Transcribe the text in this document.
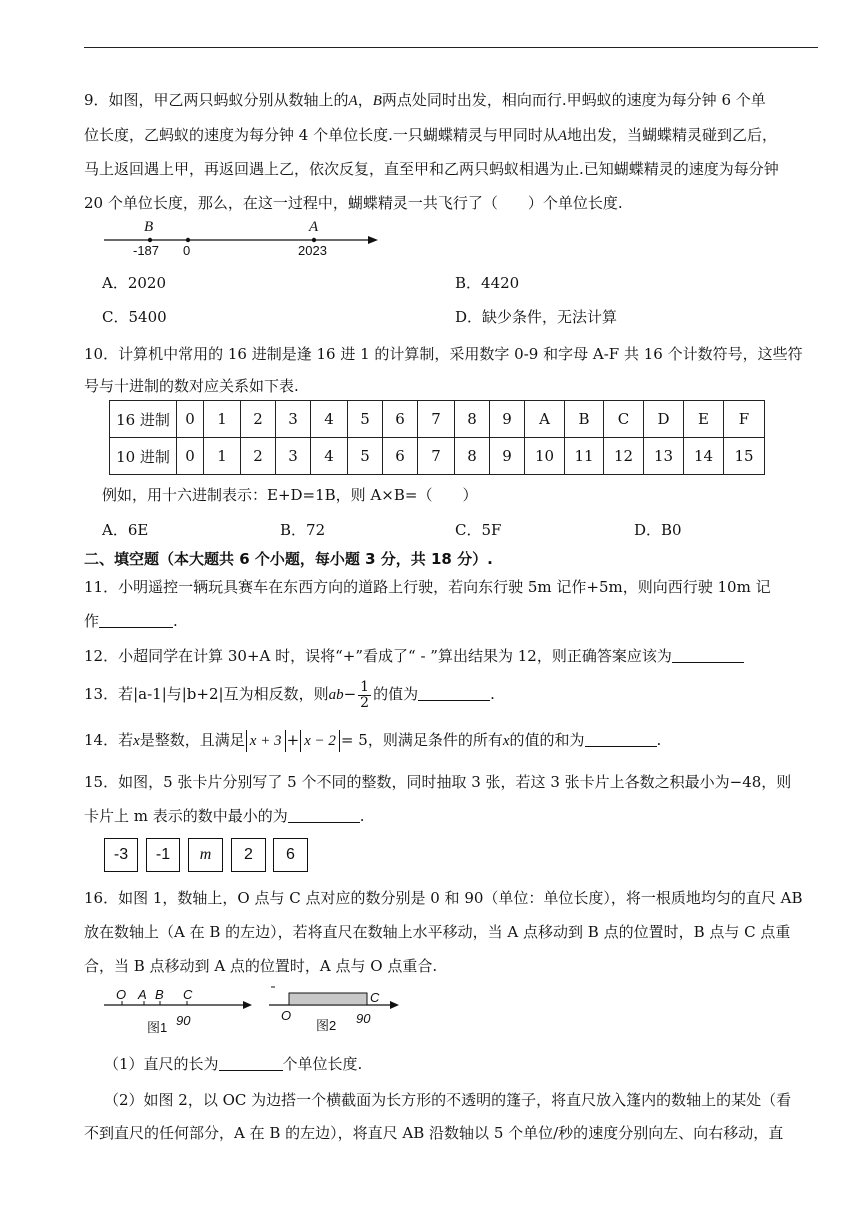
9．如图，甲乙两只蚂蚁分别从数轴上的A，B两点处同时出发，相向而行.甲蚂蚁的速度为每分钟 6 个单
位长度，乙蚂蚁的速度为每分钟 4 个单位长度.一只蝴蝶精灵与甲同时从A地出发，当蝴蝶精灵碰到乙后，
马上返回遇上甲，再返回遇上乙，依次反复，直至甲和乙两只蚂蚁相遇为止.已知蝴蝶精灵的速度为每分钟
20 个单位长度，那么，在这一过程中，蝴蝶精灵一共飞行了（　　）个单位长度.
B
-187 0
A
2023
A．2020	B．4420
C．5400	D．缺少条件，无法计算
10．计算机中常用的 16 进制是逢 16 进 1 的计算制，采用数字 0-9 和字母 A-F 共 16 个计数符号，这些符
号与十进制的数对应关系如下表.
16 进制	0	1	2	3	4	5	6	7	8	9	A	B	C	D	E	F
10 进制	0	1	2	3	4	5	6	7	8	9	10	11	12	13	14	15
例如，用十六进制表示：E+D=1B，则 A×B=（　　）
A．6E	B．72	C．5F	D．B0
二、填空题（本大题共 6 个小题，每小题 3 分，共 18 分）.
11．小明遥控一辆玩具赛车在东西方向的道路上行驶，若向东行驶 5m 记作+5m，则向西行驶 10m 记
作	.
12．小超同学在计算 30+A 时，误将“+”看成了“ - ”算出结果为 12，则正确答案应该为
13．若|a-1|与|b+2|互为相反数，则$ab- \frac{1}{2}$ 的值为	.
14．若x是整数，且满足 x + 3 + x − 2 = 5，则满足条件的所有x的值的和为	.
15．如图，5 张卡片分别写了 5 个不同的整数，同时抽取 3 张，若这 3 张卡片上各数之积最小为−48，则
卡片上 m 表示的数中最小的为	.
-3	-1	m	2	6
16．如图 1，数轴上，O 点与 C 点对应的数分别是 0 和 90（单位：单位长度），将一根质地均匀的直尺 AB
放在数轴上（A 在 B 的左边），若将直尺在数轴上水平移动，当 A 点移动到 B 点的位置时，B 点与 C 点重
合，当 B 点移动到 A 点的位置时，A 点与 O 点重合.
O A B C
90
图1
O
C
90
图2
（1）直尺的长为	个单位长度.
（2）如图 2，以 OC 为边搭一个横截面为长方形的不透明的篷子，将直尺放入篷内的数轴上的某处（看
不到直尺的任何部分，A 在 B 的左边），将直尺 AB 沿数轴以 5 个单位/秒的速度分别向左、向右移动，直
